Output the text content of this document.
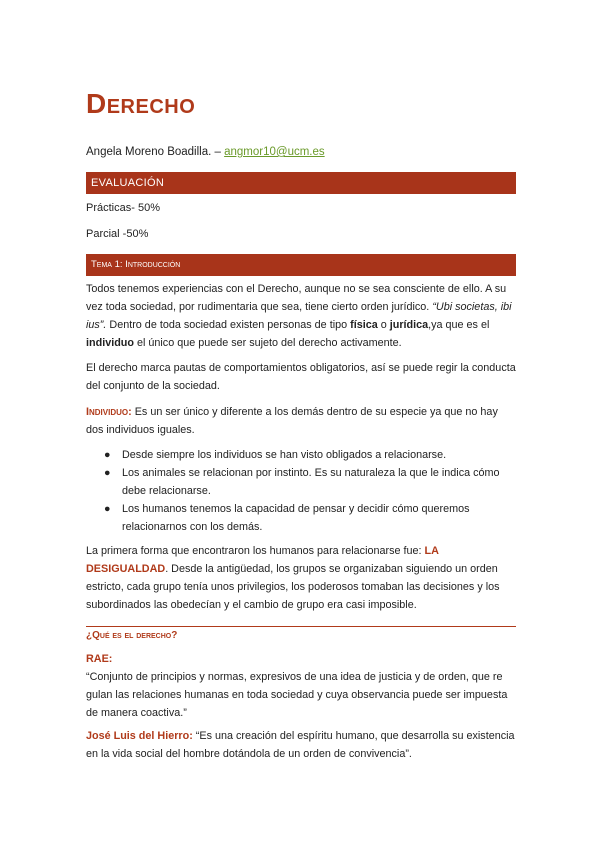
Derecho
Angela Moreno Boadilla. – angmor10@ucm.es
EVALUACIÓN
Prácticas- 50%
Parcial -50%
Tema 1: Introducción

Todos tenemos experiencias con el Derecho, aunque no se sea consciente de ello. A su vez toda sociedad, por rudimentaria que sea, tiene cierto orden jurídico. “Ubi societas, ibi ius”. Dentro de toda sociedad existen personas de tipo física o jurídica,ya que es el individuo el único que puede ser sujeto del derecho activamente.

El derecho marca pautas de comportamientos obligatorios, así se puede regir la conducta del conjunto de la sociedad.

Individuo: Es un ser único y diferente a los demás dentro de su especie ya que no hay dos individuos iguales.

● Desde siempre los individuos se han visto obligados a relacionarse.
● Los animales se relacionan por instinto. Es su naturaleza la que le indica cómo debe relacionarse.
● Los humanos tenemos la capacidad de pensar y decidir cómo queremos relacionarnos con los demás.

La primera forma que encontraron los humanos para relacionarse fue: LA DESIGUALDAD. Desde la antigüedad, los grupos se organizaban siguiendo un orden estricto, cada grupo tenía unos privilegios, los poderosos tomaban las decisiones y los subordinados las obedecían y el cambio de grupo era casi imposible.

¿Qué es el derecho?

RAE:

“Conjunto de principios y normas, expresivos de una idea de justicia y de orden, que re gulan las relaciones humanas en toda sociedad y cuya observancia puede ser impuesta de manera coactiva.”

José Luis del Hierro: “Es una creación del espíritu humano, que desarrolla su existencia en la vida social del hombre dotándola de un orden de convivencia”.
